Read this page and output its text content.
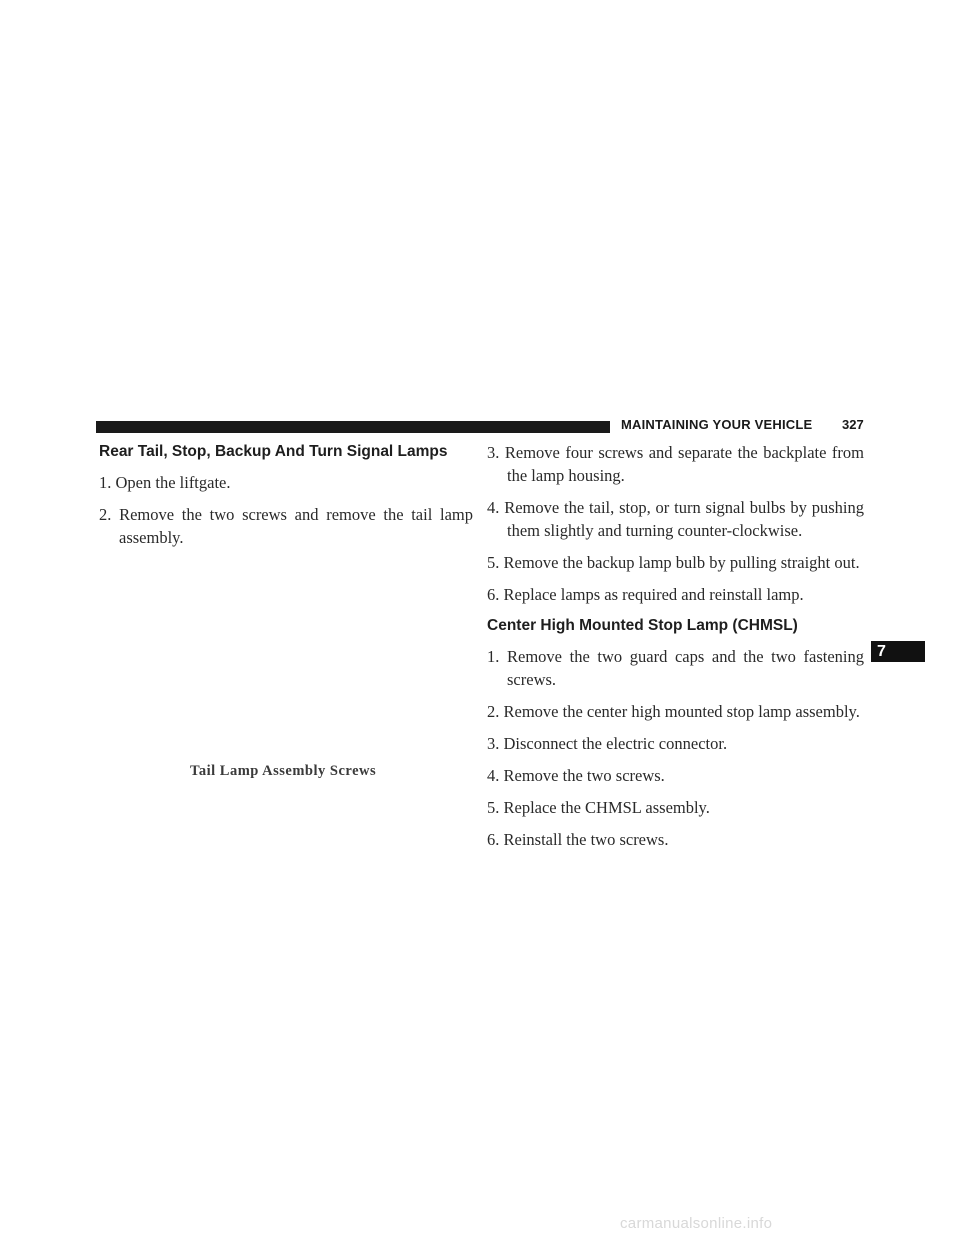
MAINTAINING YOUR VEHICLE 327
7
Rear Tail, Stop, Backup And Turn Signal Lamps

1. Open the liftgate.

2. Remove the two screws and remove the tail lamp
assembly.

Tail Lamp Assembly Screws

3. Remove four screws and separate the backplate from
the lamp housing.

4. Remove the tail, stop, or turn signal bulbs by pushing
them slightly and turning counter-clockwise.

5. Remove the backup lamp bulb by pulling straight out.

6. Replace lamps as required and reinstall lamp.

Center High Mounted Stop Lamp (CHMSL)

1. Remove the two guard caps and the two fastening
screws.

2. Remove the center high mounted stop lamp assembly.

3. Disconnect the electric connector.

4. Remove the two screws.

5. Replace the CHMSL assembly.

6. Reinstall the two screws.

carmanualsonline.info
